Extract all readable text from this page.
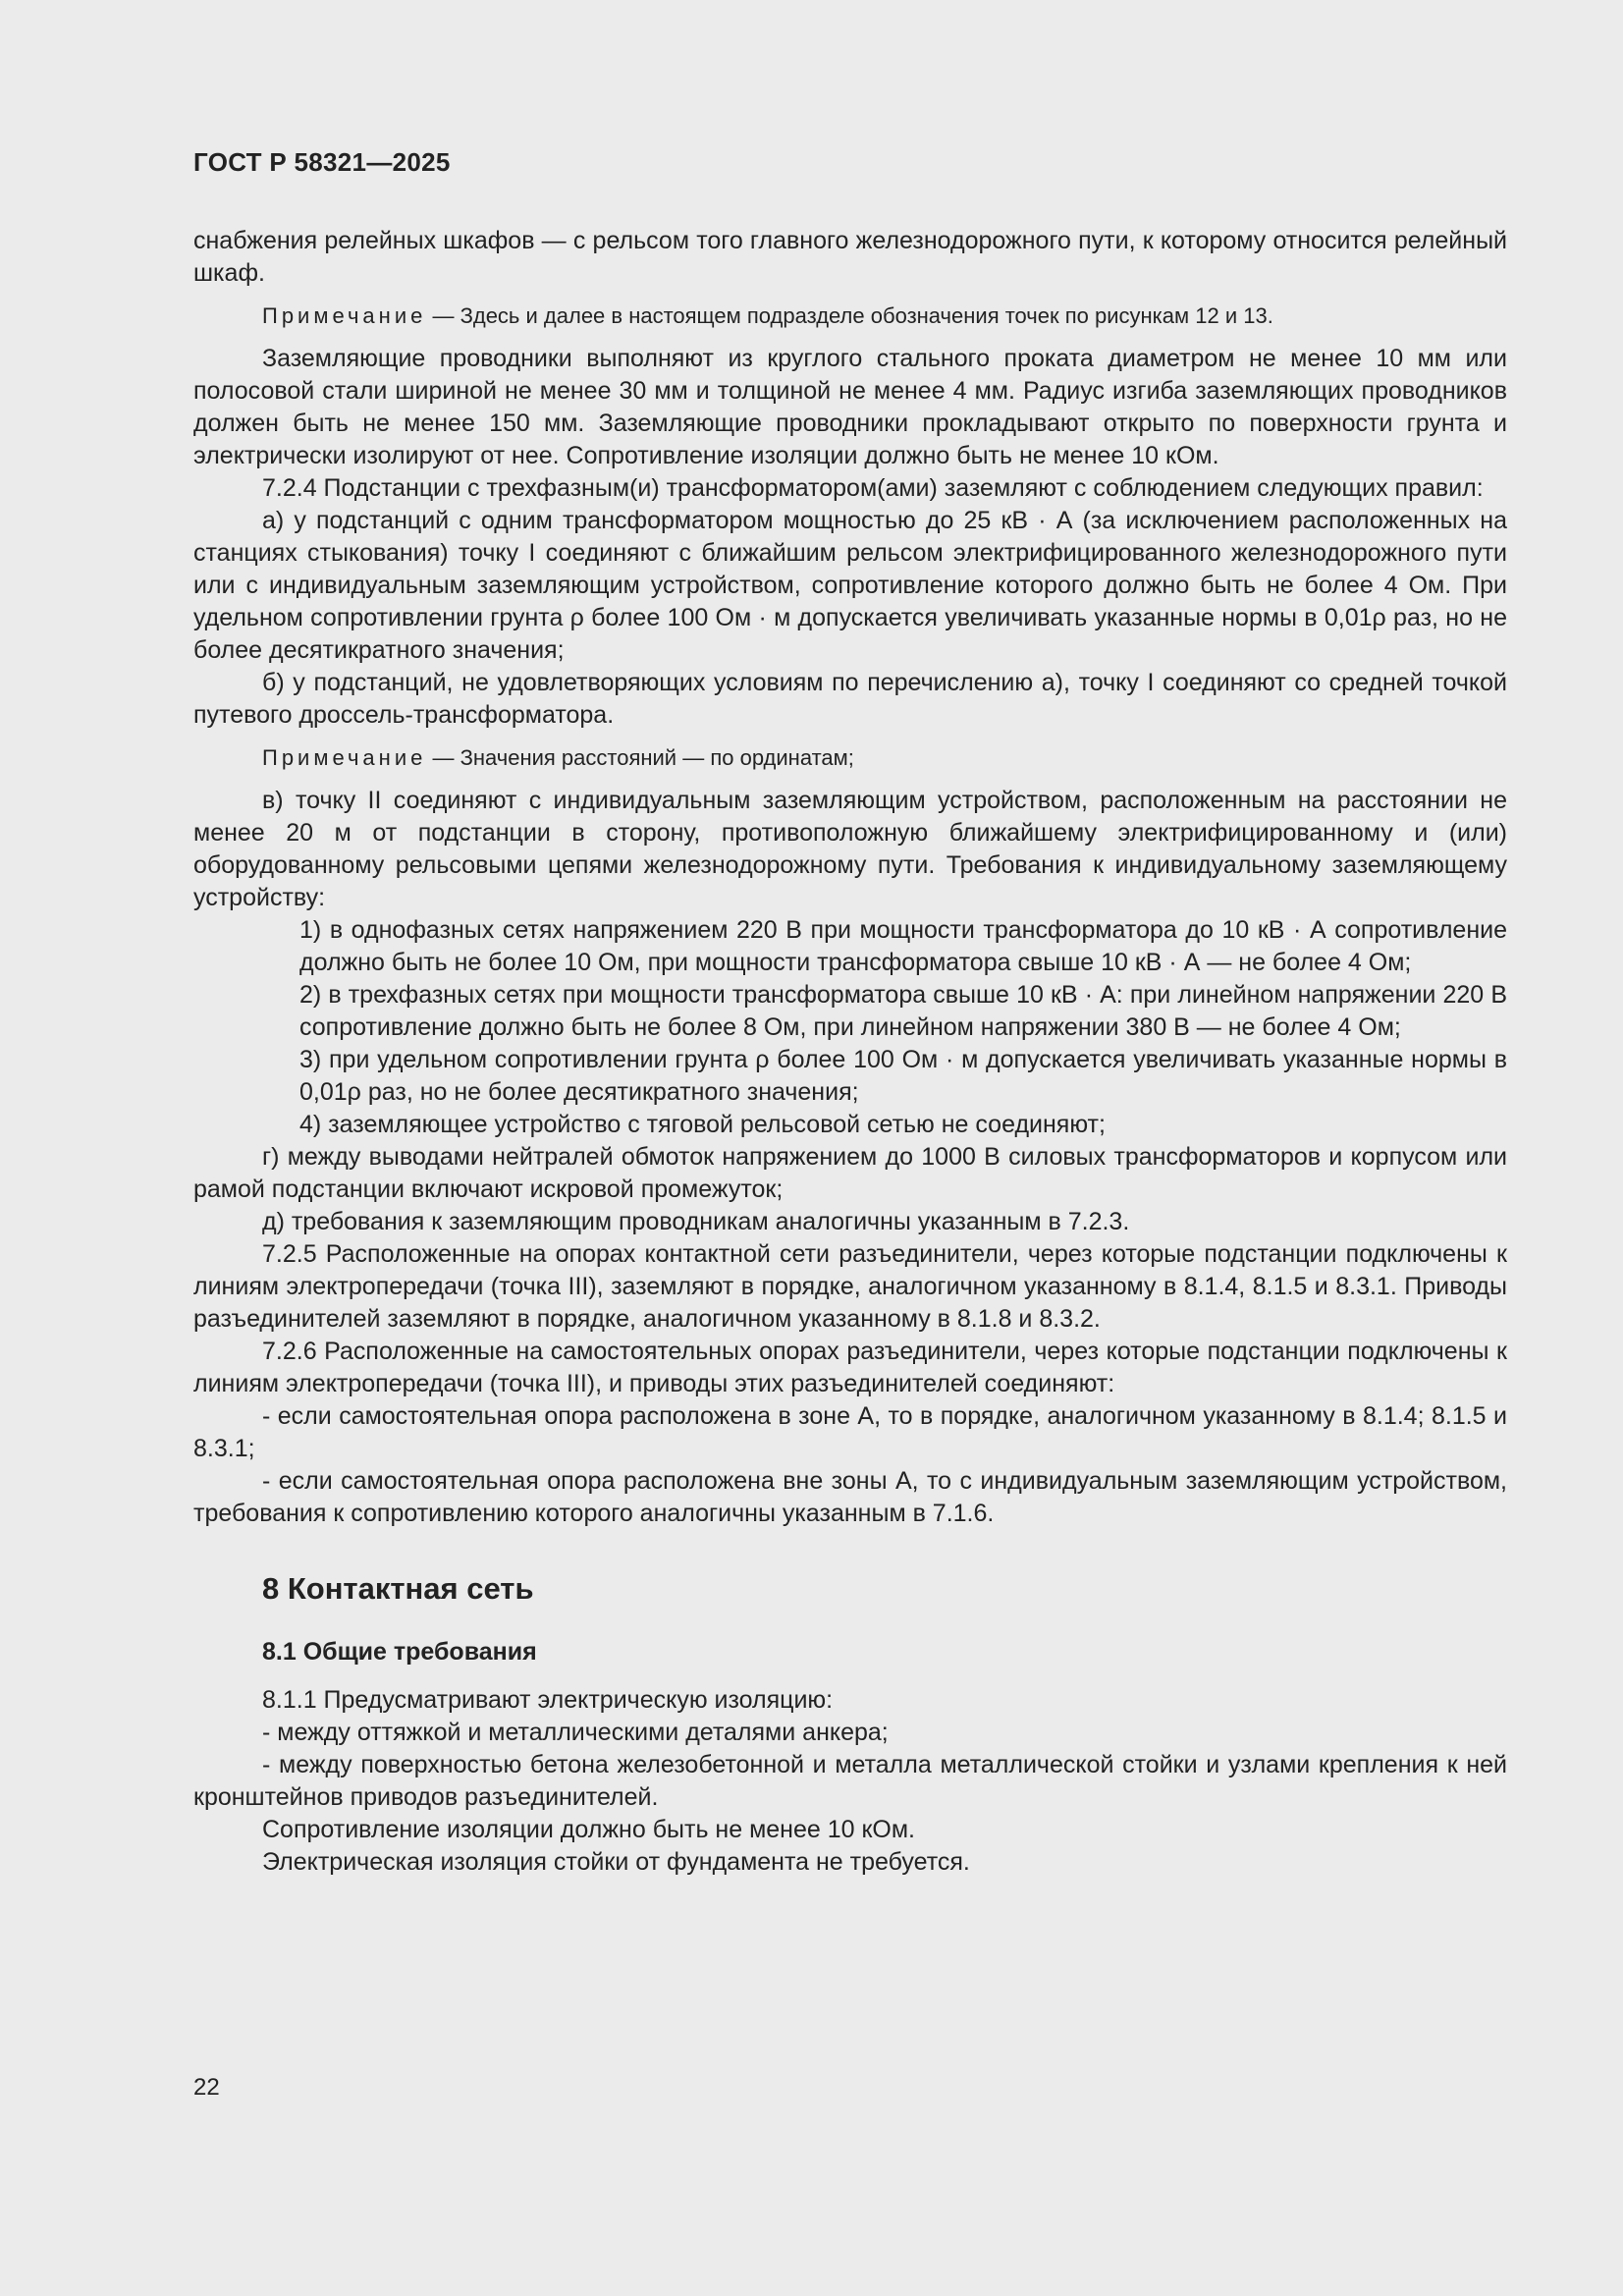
ГОСТ Р 58321—2025

снабжения релейных шкафов — с рельсом того главного железнодорожного пути, к которому относится релейный шкаф.

Примечание — Здесь и далее в настоящем подразделе обозначения точек по рисункам 12 и 13.

Заземляющие проводники выполняют из круглого стального проката диаметром не менее 10 мм или полосовой стали шириной не менее 30 мм и толщиной не менее 4 мм. Радиус изгиба заземляющих проводников должен быть не менее 150 мм. Заземляющие проводники прокладывают открыто по поверхности грунта и электрически изолируют от нее. Сопротивление изоляции должно быть не менее 10 кОм.

7.2.4 Подстанции с трехфазным(и) трансформатором(ами) заземляют с соблюдением следующих правил:

а) у подстанций с одним трансформатором мощностью до 25 кВ · А (за исключением расположенных на станциях стыкования) точку I соединяют с ближайшим рельсом электрифицированного железнодорожного пути или с индивидуальным заземляющим устройством, сопротивление которого должно быть не более 4 Ом. При удельном сопротивлении грунта ρ более 100 Ом · м допускается увеличивать указанные нормы в 0,01ρ раз, но не более десятикратного значения;

б) у подстанций, не удовлетворяющих условиям по перечислению а), точку I соединяют со средней точкой путевого дроссель-трансформатора.

Примечание — Значения расстояний — по ординатам;

в) точку II соединяют с индивидуальным заземляющим устройством, расположенным на расстоянии не менее 20 м от подстанции в сторону, противоположную ближайшему электрифицированному и (или) оборудованному рельсовыми цепями железнодорожному пути. Требования к индивидуальному заземляющему устройству:

1) в однофазных сетях напряжением 220 В при мощности трансформатора до 10 кВ · А сопротивление должно быть не более 10 Ом, при мощности трансформатора свыше 10 кВ · А — не более 4 Ом;

2) в трехфазных сетях при мощности трансформатора свыше 10 кВ · А: при линейном напряжении 220 В сопротивление должно быть не более 8 Ом, при линейном напряжении 380 В — не более 4 Ом;

3) при удельном сопротивлении грунта ρ более 100 Ом · м допускается увеличивать указанные нормы в 0,01ρ раз, но не более десятикратного значения;

4) заземляющее устройство с тяговой рельсовой сетью не соединяют;

г) между выводами нейтралей обмоток напряжением до 1000 В силовых трансформаторов и корпусом или рамой подстанции включают искровой промежуток;

д) требования к заземляющим проводникам аналогичны указанным в 7.2.3.

7.2.5 Расположенные на опорах контактной сети разъединители, через которые подстанции подключены к линиям электропередачи (точка III), заземляют в порядке, аналогичном указанному в 8.1.4, 8.1.5 и 8.3.1. Приводы разъединителей заземляют в порядке, аналогичном указанному в 8.1.8 и 8.3.2.

7.2.6 Расположенные на самостоятельных опорах разъединители, через которые подстанции подключены к линиям электропередачи (точка III), и приводы этих разъединителей соединяют:

- если самостоятельная опора расположена в зоне А, то в порядке, аналогичном указанному в 8.1.4; 8.1.5 и 8.3.1;

- если самостоятельная опора расположена вне зоны А, то с индивидуальным заземляющим устройством, требования к сопротивлению которого аналогичны указанным в 7.1.6.

8 Контактная сеть
8.1 Общие требования

8.1.1 Предусматривают электрическую изоляцию:

- между оттяжкой и металлическими деталями анкера;

- между поверхностью бетона железобетонной и металла металлической стойки и узлами крепления к ней кронштейнов приводов разъединителей.

Сопротивление изоляции должно быть не менее 10 кОм.

Электрическая изоляция стойки от фундамента не требуется.

22
